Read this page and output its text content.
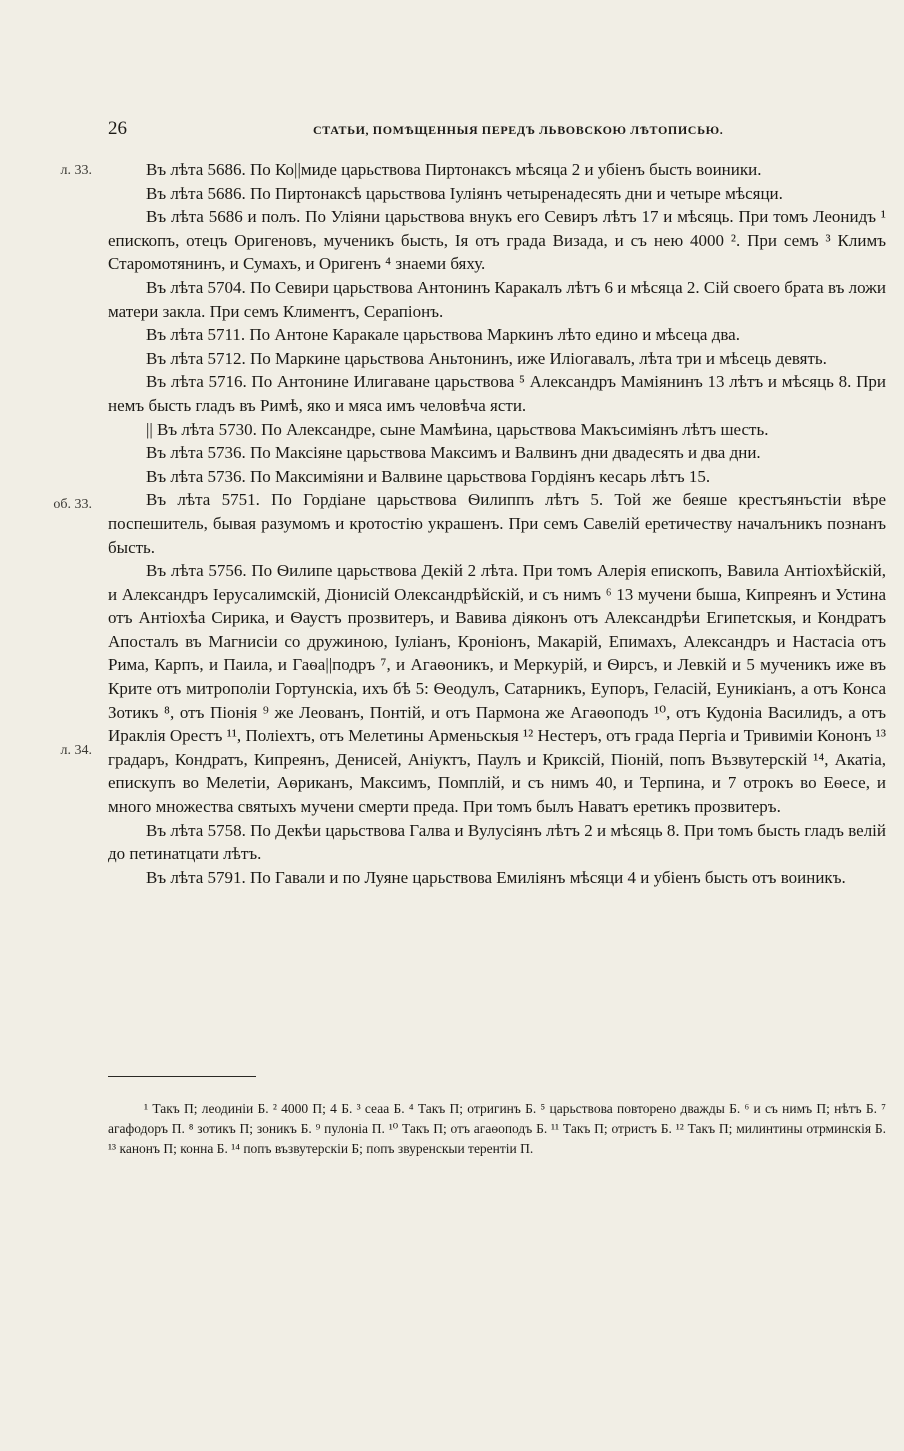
26	СТАТЬИ, ПОМѢЩЕННЫЯ ПЕРЕДЪ ЛЬВОВСКОЮ ЛѢТОПИСЬЮ.
л. 33.
об. 33.
л. 34.

Въ лѣта 5686. По Ко||миде царьствова Пиртонаксъ мѣсяца 2 и убіенъ бысть воиники.

Въ лѣта 5686. По Пиртонаксѣ царьствова Іуліянъ четыренадесять дни и четыре мѣсяци.

Въ лѣта 5686 и полъ. По Уліяни царьствова внукъ его Севиръ лѣтъ 17 и мѣсяць. При томъ Леонидъ ¹ епископъ, отецъ Оригеновъ, мученикъ бысть, Ія отъ града Визада, и съ нею 4000 ². При семъ ³ Климъ Старомотянинъ, и Сумахъ, и Оригенъ ⁴ знаеми бяху.

Въ лѣта 5704. По Севири царьствова Антонинъ Каракалъ лѣтъ 6 и мѣсяца 2. Сій своего брата въ ложи матери закла. При семъ Климентъ, Серапіонъ.

Въ лѣта 5711. По Антоне Каракале царьствова Маркинъ лѣто едино и мѣсеца два.

Въ лѣта 5712. По Маркине царьствова Аньтонинъ, иже Иліогавалъ, лѣта три и мѣсець девять.

Въ лѣта 5716. По Антонине Илигаване царьствова ⁵ Александръ Маміянинъ 13 лѣтъ и мѣсяць 8. При немъ бысть гладъ въ Римѣ, яко и мяса имъ человѣча ясти.

|| Въ лѣта 5730. По Александре, сыне Мамѣина, царьствова Макъсиміянъ лѣтъ шесть.

Въ лѣта 5736. По Максіяне царьствова Максимъ и Валвинъ дни двадесять и два дни.

Въ лѣта 5736. По Максиміяни и Валвине царьствова Гордіянъ кесарь лѣтъ 15.

Въ лѣта 5751. По Гордіане царьствова Ѳилиппъ лѣтъ 5. Той же беяше крестъянъстіи вѣре поспешитель, бывая разумомъ и кротостію украшенъ. При семъ Савелій еретичеству началъникъ познанъ бысть.

Въ лѣта 5756. По Ѳилипе царьствова Декій 2 лѣта. При томъ Алерія епископъ, Вавила Антіохѣйскій, и Александръ Іерусалимскій, Діонисій Олександрѣйскій, и съ нимъ ⁶ 13 мучени быша, Кипреянъ и Устина отъ Антіохѣа Сирика, и Ѳаустъ прозвитеръ, и Вавива діяконъ отъ Александрѣи Египетскыя, и Кондратъ Апосталъ въ Магнисіи со дружиною, Іуліанъ, Кроніонъ, Макарій, Епимахъ, Александръ и Настасіа отъ Рима, Карпъ, и Паила, и Гаѳа||подръ ⁷, и Агаѳоникъ, и Меркурій, и Ѳирсъ, и Левкій и 5 мученикъ иже въ Крите отъ митрополіи Гортунскіа, ихъ бѣ 5: Ѳеодулъ, Сатарникъ, Еупоръ, Геласій, Еуникіанъ, а отъ Конса Зотикъ ⁸, отъ Піонія ⁹ же Леованъ, Понтій, и отъ Пармона же Агаѳоподъ ¹⁰, отъ Кудоніа Василидъ, а отъ Ираклія Орестъ ¹¹, Поліехтъ, отъ Мелетины Арменьскыя ¹² Нестеръ, отъ града Пергіа и Тривимiи Кононъ ¹³ градаръ, Кондратъ, Кипреянъ, Денисей, Аніуктъ, Паулъ и Криксій, Піоній, попъ Възвутерскій ¹⁴, Акатіа, епискупъ во Мелетіи, Аѳриканъ, Максимъ, Помплій, и съ нимъ 40, и Терпина, и 7 отрокъ во Еѳесе, и много множества святыхъ мучени смерти преда. При томъ былъ Наватъ еретикъ прозвитеръ.

Въ лѣта 5758. По Декѣи царьствова Галва и Вулусіянъ лѣтъ 2 и мѣсяць 8. При томъ бысть гладъ велій до петинатцати лѣтъ.

Въ лѣта 5791. По Гавали и по Луяне царьствова Емиліянъ мѣсяци 4 и убіенъ бысть отъ воиникъ.

¹ Такъ П; леодиніи Б. ² 4000 П; 4 Б. ³ сеаа Б. ⁴ Такъ П; отригинъ Б. ⁵ царьствова повторено дважды Б. ⁶ и съ нимъ П; нѣтъ Б. ⁷ агафодоръ П. ⁸ зотикъ П; зоникъ Б. ⁹ пулоніа П. ¹⁰ Такъ П; отъ агаѳоподъ Б. ¹¹ Такъ П; отристъ Б. ¹² Такъ П; милинтины отрминскія Б. ¹³ канонъ П; конна Б. ¹⁴ попъ възвутерскіи Б; попъ звуренскыи терентіи П.
